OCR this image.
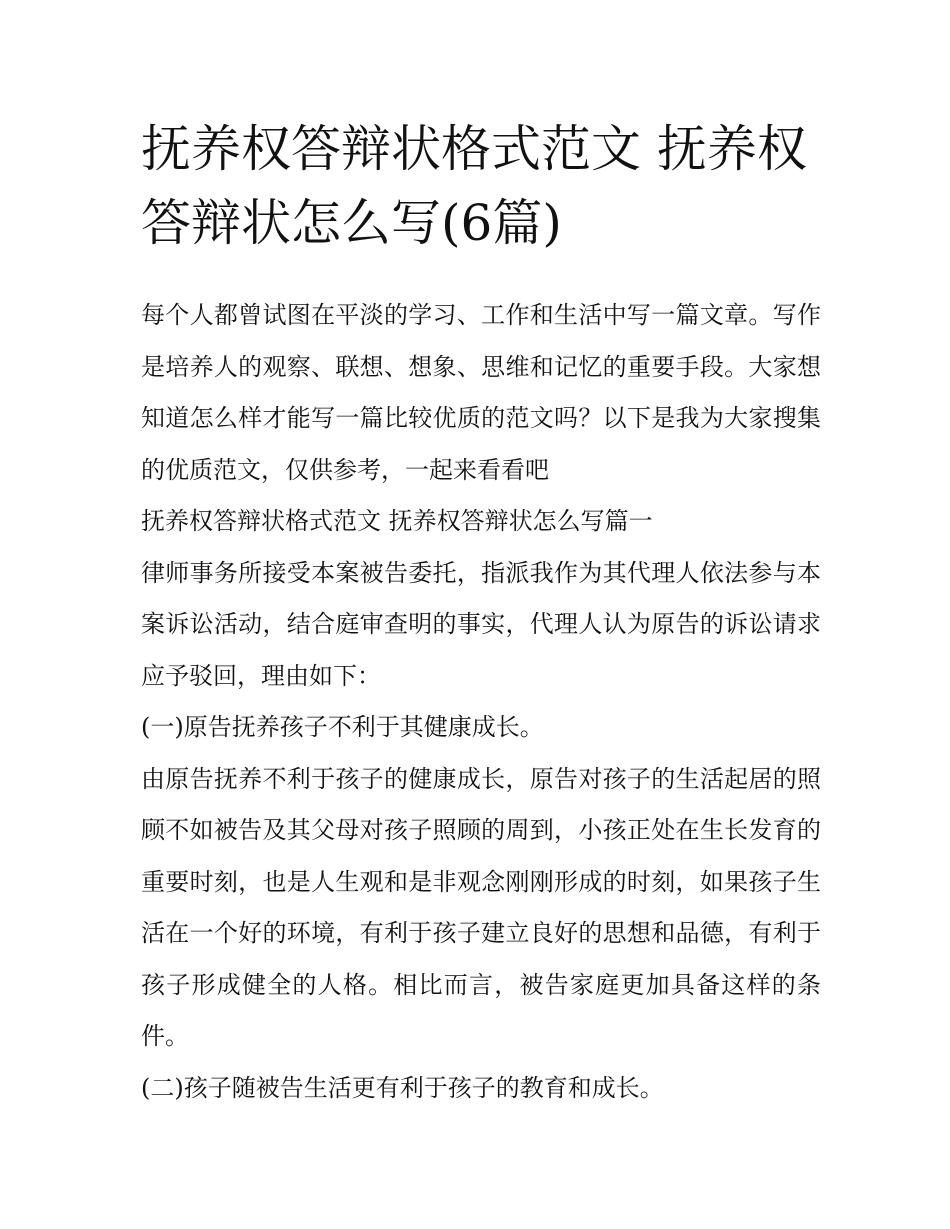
抚养权答辩状格式范文 抚养权答辩状怎么写(6篇)

每个人都曾试图在平淡的学习、工作和生活中写一篇文章。写作是培养人的观察、联想、想象、思维和记忆的重要手段。大家想知道怎么样才能写一篇比较优质的范文吗？以下是我为大家搜集的优质范文，仅供参考，一起来看看吧

抚养权答辩状格式范文 抚养权答辩状怎么写篇一

律师事务所接受本案被告委托，指派我作为其代理人依法参与本案诉讼活动，结合庭审查明的事实，代理人认为原告的诉讼请求应予驳回，理由如下：

(一)原告抚养孩子不利于其健康成长。

由原告抚养不利于孩子的健康成长，原告对孩子的生活起居的照顾不如被告及其父母对孩子照顾的周到，小孩正处在生长发育的重要时刻，也是人生观和是非观念刚刚形成的时刻，如果孩子生活在一个好的环境，有利于孩子建立良好的思想和品德，有利于孩子形成健全的人格。相比而言，被告家庭更加具备这样的条件。

(二)孩子随被告生活更有利于孩子的教育和成长。
